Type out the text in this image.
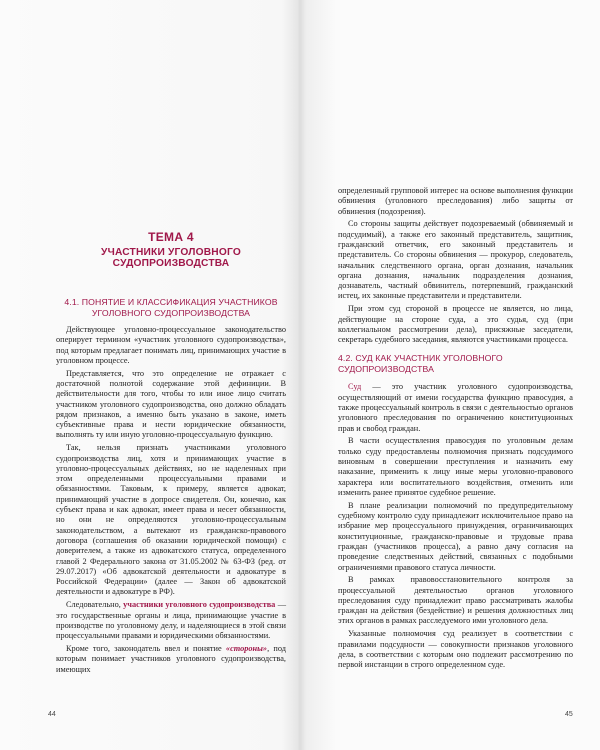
ТЕМА 4
УЧАСТНИКИ УГОЛОВНОГО СУДОПРОИЗВОДСТВА
4.1. ПОНЯТИЕ И КЛАССИФИКАЦИЯ УЧАСТНИКОВ УГОЛОВНОГО СУДОПРОИЗВОДСТВА

Действующее уголовно-процессуальное законодательство оперирует термином «участник уголовного судопроизводства», под которым предлагает понимать лиц, принимающих участие в уголовном процессе.

Представляется, что это определение не отражает с достаточной полнотой содержание этой дефиниции. В действительности для того, чтобы то или иное лицо считать участником уголовного судопроизводства, оно должно обладать рядом признаков, а именно быть указано в законе, иметь субъективные права и нести юридические обязанности, выполнять ту или иную уголовно-процессуальную функцию.

Так, нельзя признать участниками уголовного судопроизводства лиц, хотя и принимающих участие в уголовно-процессуальных действиях, но не наделенных при этом определенными процессуальными правами и обязанностями. Таковым, к примеру, является адвокат, принимающий участие в допросе свидетеля. Он, конечно, как субъект права и как адвокат, имеет права и несет обязанности, но они не определяются уголовно-процессуальным законодательством, а вытекают из гражданско-правового договора (соглашения об оказании юридической помощи) с доверителем, а также из адвокатского статуса, определенного главой 2 Федерального закона от 31.05.2002 № 63-ФЗ (ред. от 29.07.2017) «Об адвокатской деятельности и адвокатуре в Российской Федерации» (далее — Закон об адвокатской деятельности и адвокатуре в РФ).

Следовательно, участники уголовного судопроизводства — это государственные органы и лица, принимающие участие в производстве по уголовному делу, и наделяющиеся в этой связи процессуальными правами и юридическими обязанностями.

Кроме того, законодатель ввел и понятие «стороны», под которым понимает участников уголовного судопроизводства, имеющих

44

определенный групповой интерес на основе выполнения функции обвинения (уголовного преследования) либо защиты от обвинения (подозрения).

Со стороны защиты действует подозреваемый (обвиняемый и подсудимый), а также его законный представитель, защитник, гражданский ответчик, его законный представитель и представитель. Со стороны обвинения — прокурор, следователь, начальник следственного органа, орган дознания, начальник органа дознания, начальник подразделения дознания, дознаватель, частный обвинитель, потерпевший, гражданский истец, их законные представители и представители.

При этом суд стороной в процессе не является, но лица, действующие на стороне суда, а это судья, суд (при коллегиальном рассмотрении дела), присяжные заседатели, секретарь судебного заседания, являются участниками процесса.

4.2. СУД КАК УЧАСТНИК УГОЛОВНОГО СУДОПРОИЗВОДСТВА

Суд — это участник уголовного судопроизводства, осуществляющий от имени государства функцию правосудия, а также процессуальный контроль в связи с деятельностью органов уголовного преследования по ограничению конституционных прав и свобод граждан.

В части осуществления правосудия по уголовным делам только суду предоставлены полномочия признать подсудимого виновным в совершении преступления и назначить ему наказание, применить к лицу иные меры уголовно-правового характера или воспитательного воздействия, отменить или изменить ранее принятое судебное решение.

В плане реализации полномочий по предупредительному судебному контролю суду принадлежит исключительное право на избрание мер процессуального принуждения, ограничивающих конституционные, гражданско-правовые и трудовые права граждан (участников процесса), а равно дачу согласия на проведение следственных действий, связанных с подобными ограничениями правового статуса личности.

В рамках правовосстановительного контроля за процессуальной деятельностью органов уголовного преследования суду принадлежит право рассматривать жалобы граждан на действия (бездействие) и решения должностных лиц этих органов в рамках расследуемого ими уголовного дела.

Указанные полномочия суд реализует в соответствии с правилами подсудности — совокупности признаков уголовного дела, в соответствии с которым оно подлежит рассмотрению по первой инстанции в строго определенном суде.

45
